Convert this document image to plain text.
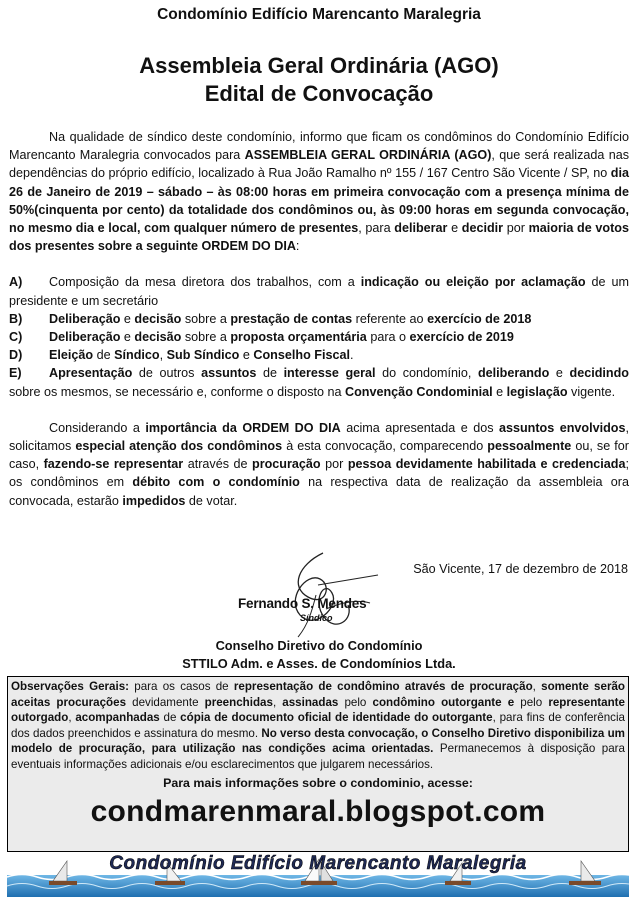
Condomínio Edifício Marencanto Maralegria
Assembleia Geral Ordinária (AGO)
Edital de Convocação

Na qualidade de síndico deste condomínio, informo que ficam os condôminos do Condomínio Edifício Marencanto Maralegria convocados para ASSEMBLEIA GERAL ORDINÁRIA (AGO), que será realizada nas dependências do próprio edifício, localizado à Rua João Ramalho nº 155 / 167 Centro São Vicente / SP, no dia 26 de Janeiro de 2019 – sábado – às 08:00 horas em primeira convocação com a presença mínima de 50%(cinquenta por cento) da totalidade dos condôminos ou, às 09:00 horas em segunda convocação, no mesmo dia e local, com qualquer número de presentes, para deliberar e decidir por maioria de votos dos presentes sobre a seguinte ORDEM DO DIA:

A) Composição da mesa diretora dos trabalhos, com a indicação ou eleição por aclamação de um presidente e um secretário

B) Deliberação e decisão sobre a prestação de contas referente ao exercício de 2018

C) Deliberação e decisão sobre a proposta orçamentária para o exercício de 2019

D) Eleição de Síndico, Sub Síndico e Conselho Fiscal.

E) Apresentação de outros assuntos de interesse geral do condomínio, deliberando e decidindo sobre os mesmos, se necessário e, conforme o disposto na Convenção Condominial e legislação vigente.

Considerando a importância da ORDEM DO DIA acima apresentada e dos assuntos envolvidos, solicitamos especial atenção dos condôminos à esta convocação, comparecendo pessoalmente ou, se for caso, fazendo-se representar através de procuração por pessoa devidamente habilitada e credenciada; os condôminos em débito com o condomínio na respectiva data de realização da assembleia ora convocada, estarão impedidos de votar.

São Vicente, 17 de dezembro de 2018
Fernando S. Mendes
Síndico
Conselho Diretivo do Condomínio
STTILO Adm. e Asses. de Condomínios Ltda.

Observações Gerais: para os casos de representação de condômino através de procuração, somente serão aceitas procurações devidamente preenchidas, assinadas pelo condômino outorgante e pelo representante outorgado, acompanhadas de cópia de documento oficial de identidade do outorgante, para fins de conferência dos dados preenchidos e assinatura do mesmo. No verso desta convocação, o Conselho Diretivo disponibiliza um modelo de procuração, para utilização nas condições acima orientadas. Permanecemos à disposição para eventuais informações adicionais e/ou esclarecimentos que julgarem necessários.

Para mais informações sobre o condominio, acesse:
condmarenmaral.blogspot.com
Condomínio Edifício Marencanto Maralegria
